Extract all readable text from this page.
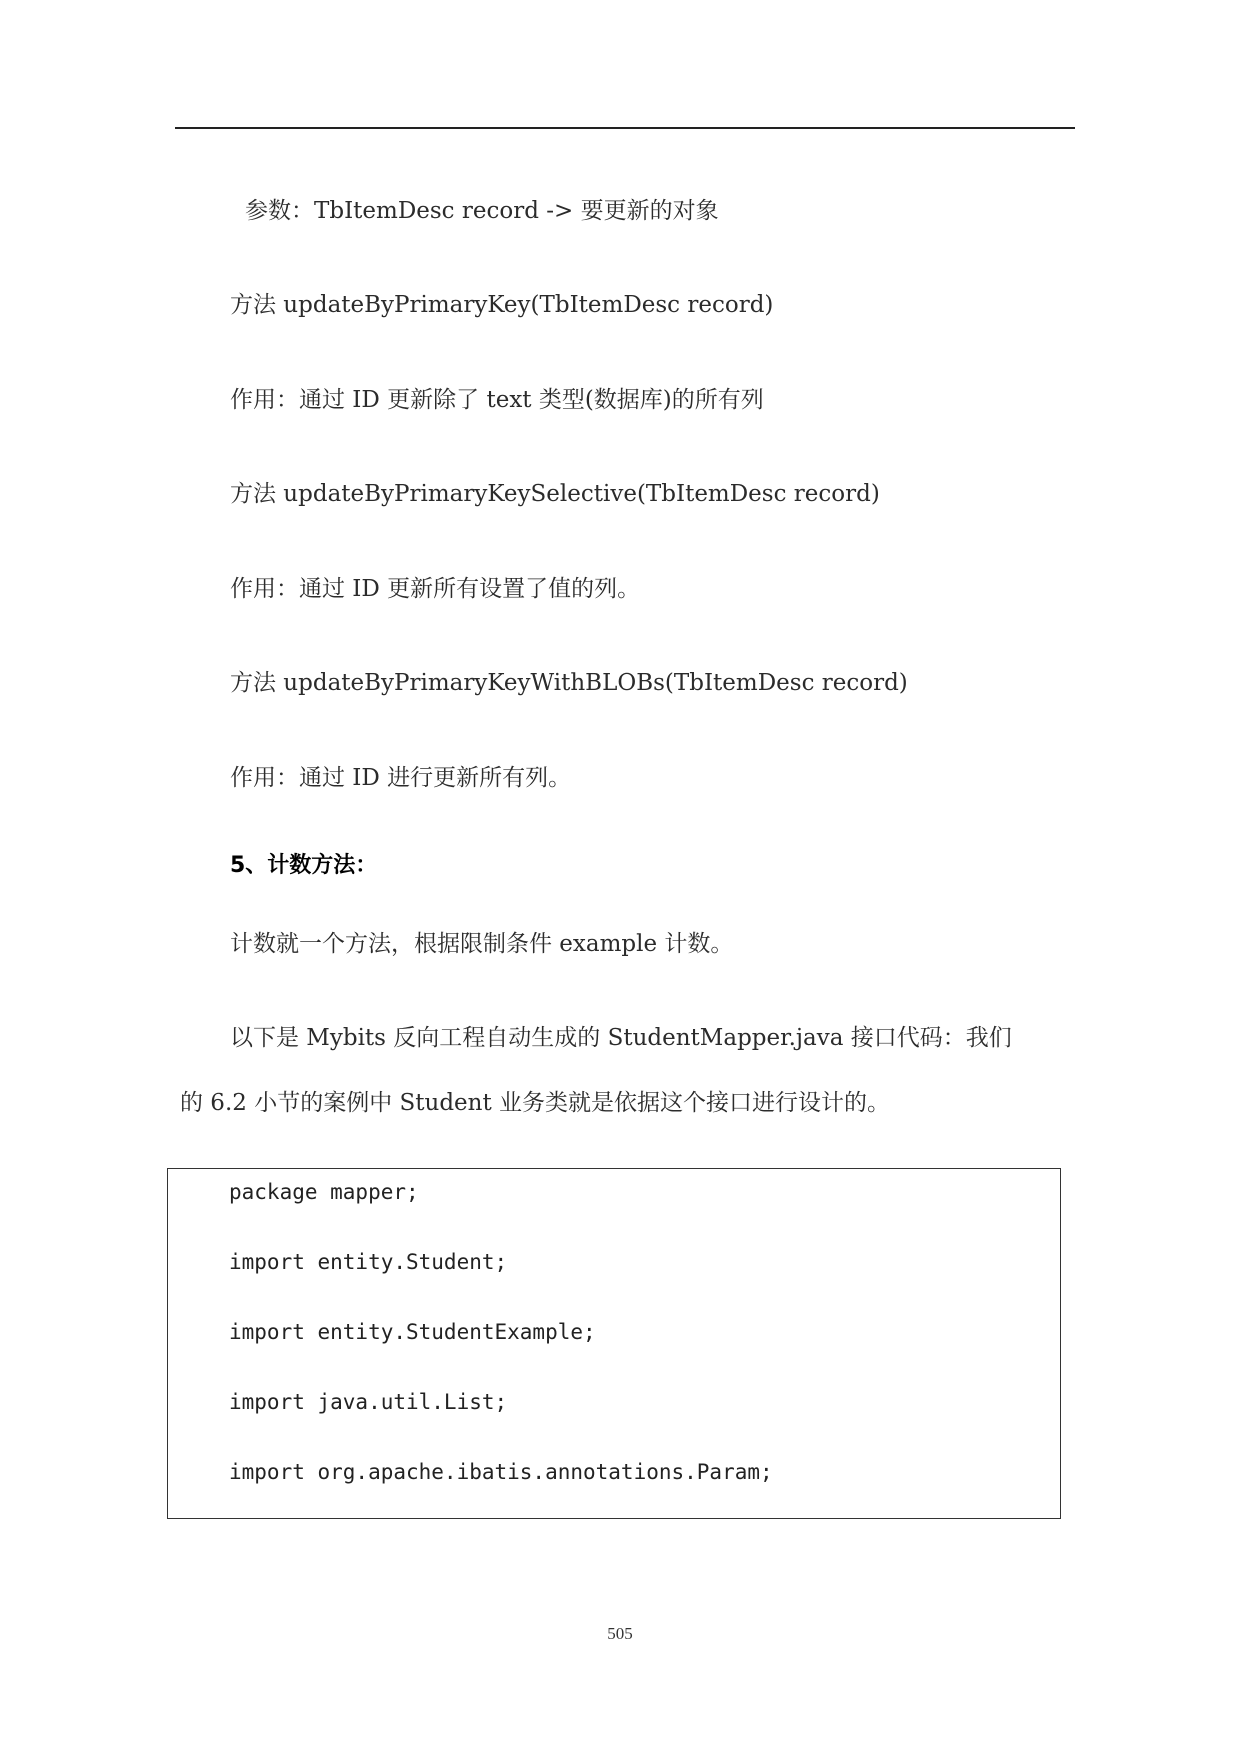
参数：TbItemDesc record -> 要更新的对象
方法 updateByPrimaryKey(TbItemDesc record)
作用：通过 ID 更新除了 text 类型(数据库)的所有列
方法 updateByPrimaryKeySelective(TbItemDesc record)
作用：通过 ID 更新所有设置了值的列。
方法 updateByPrimaryKeyWithBLOBs(TbItemDesc record)
作用：通过 ID 进行更新所有列。
5、计数方法：
计数就一个方法，根据限制条件 example 计数。
以下是 Mybits 反向工程自动生成的 StudentMapper.java 接口代码：我们
的 6.2 小节的案例中 Student 业务类就是依据这个接口进行设计的。
package mapper;
import entity.Student;
import entity.StudentExample;
import java.util.List;
import org.apache.ibatis.annotations.Param;
505
